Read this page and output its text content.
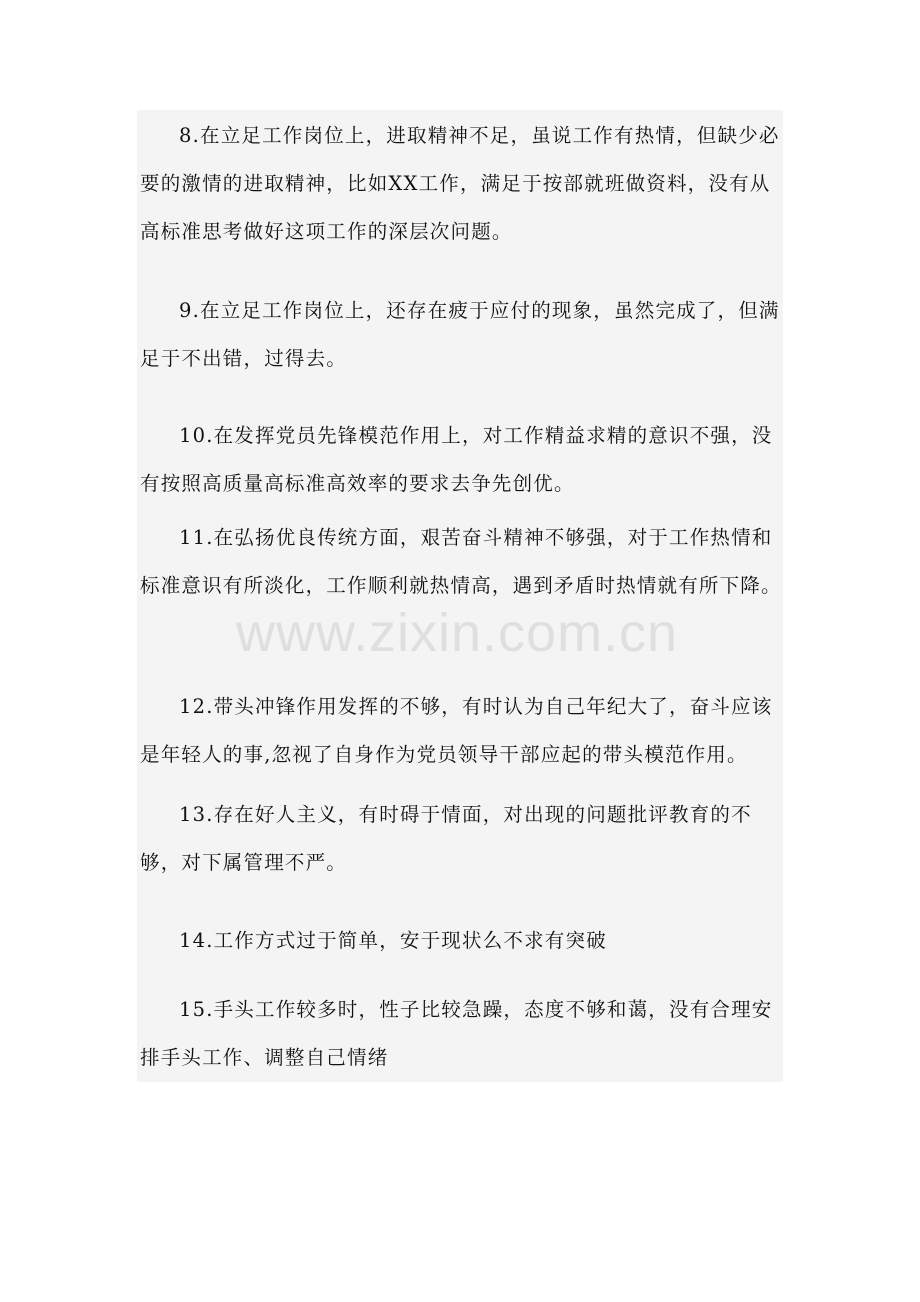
8.在立足工作岗位上，进取精神不足，虽说工作有热情，但缺少必要的激情的进取精神，比如XX工作，满足于按部就班做资料，没有从高标准思考做好这项工作的深层次问题。

9.在立足工作岗位上，还存在疲于应付的现象，虽然完成了，但满足于不出错，过得去。

10.在发挥党员先锋模范作用上，对工作精益求精的意识不强，没有按照高质量高标准高效率的要求去争先创优。

11.在弘扬优良传统方面，艰苦奋斗精神不够强，对于工作热情和标准意识有所淡化，工作顺利就热情高，遇到矛盾时热情就有所下降。

12.带头冲锋作用发挥的不够，有时认为自己年纪大了，奋斗应该是年轻人的事,忽视了自身作为党员领导干部应起的带头模范作用。

13.存在好人主义，有时碍于情面，对出现的问题批评教育的不够，对下属管理不严。

14.工作方式过于简单，安于现状么不求有突破

15.手头工作较多时，性子比较急躁，态度不够和蔼，没有合理安排手头工作、调整自己情绪

www.zixin.com.cn
